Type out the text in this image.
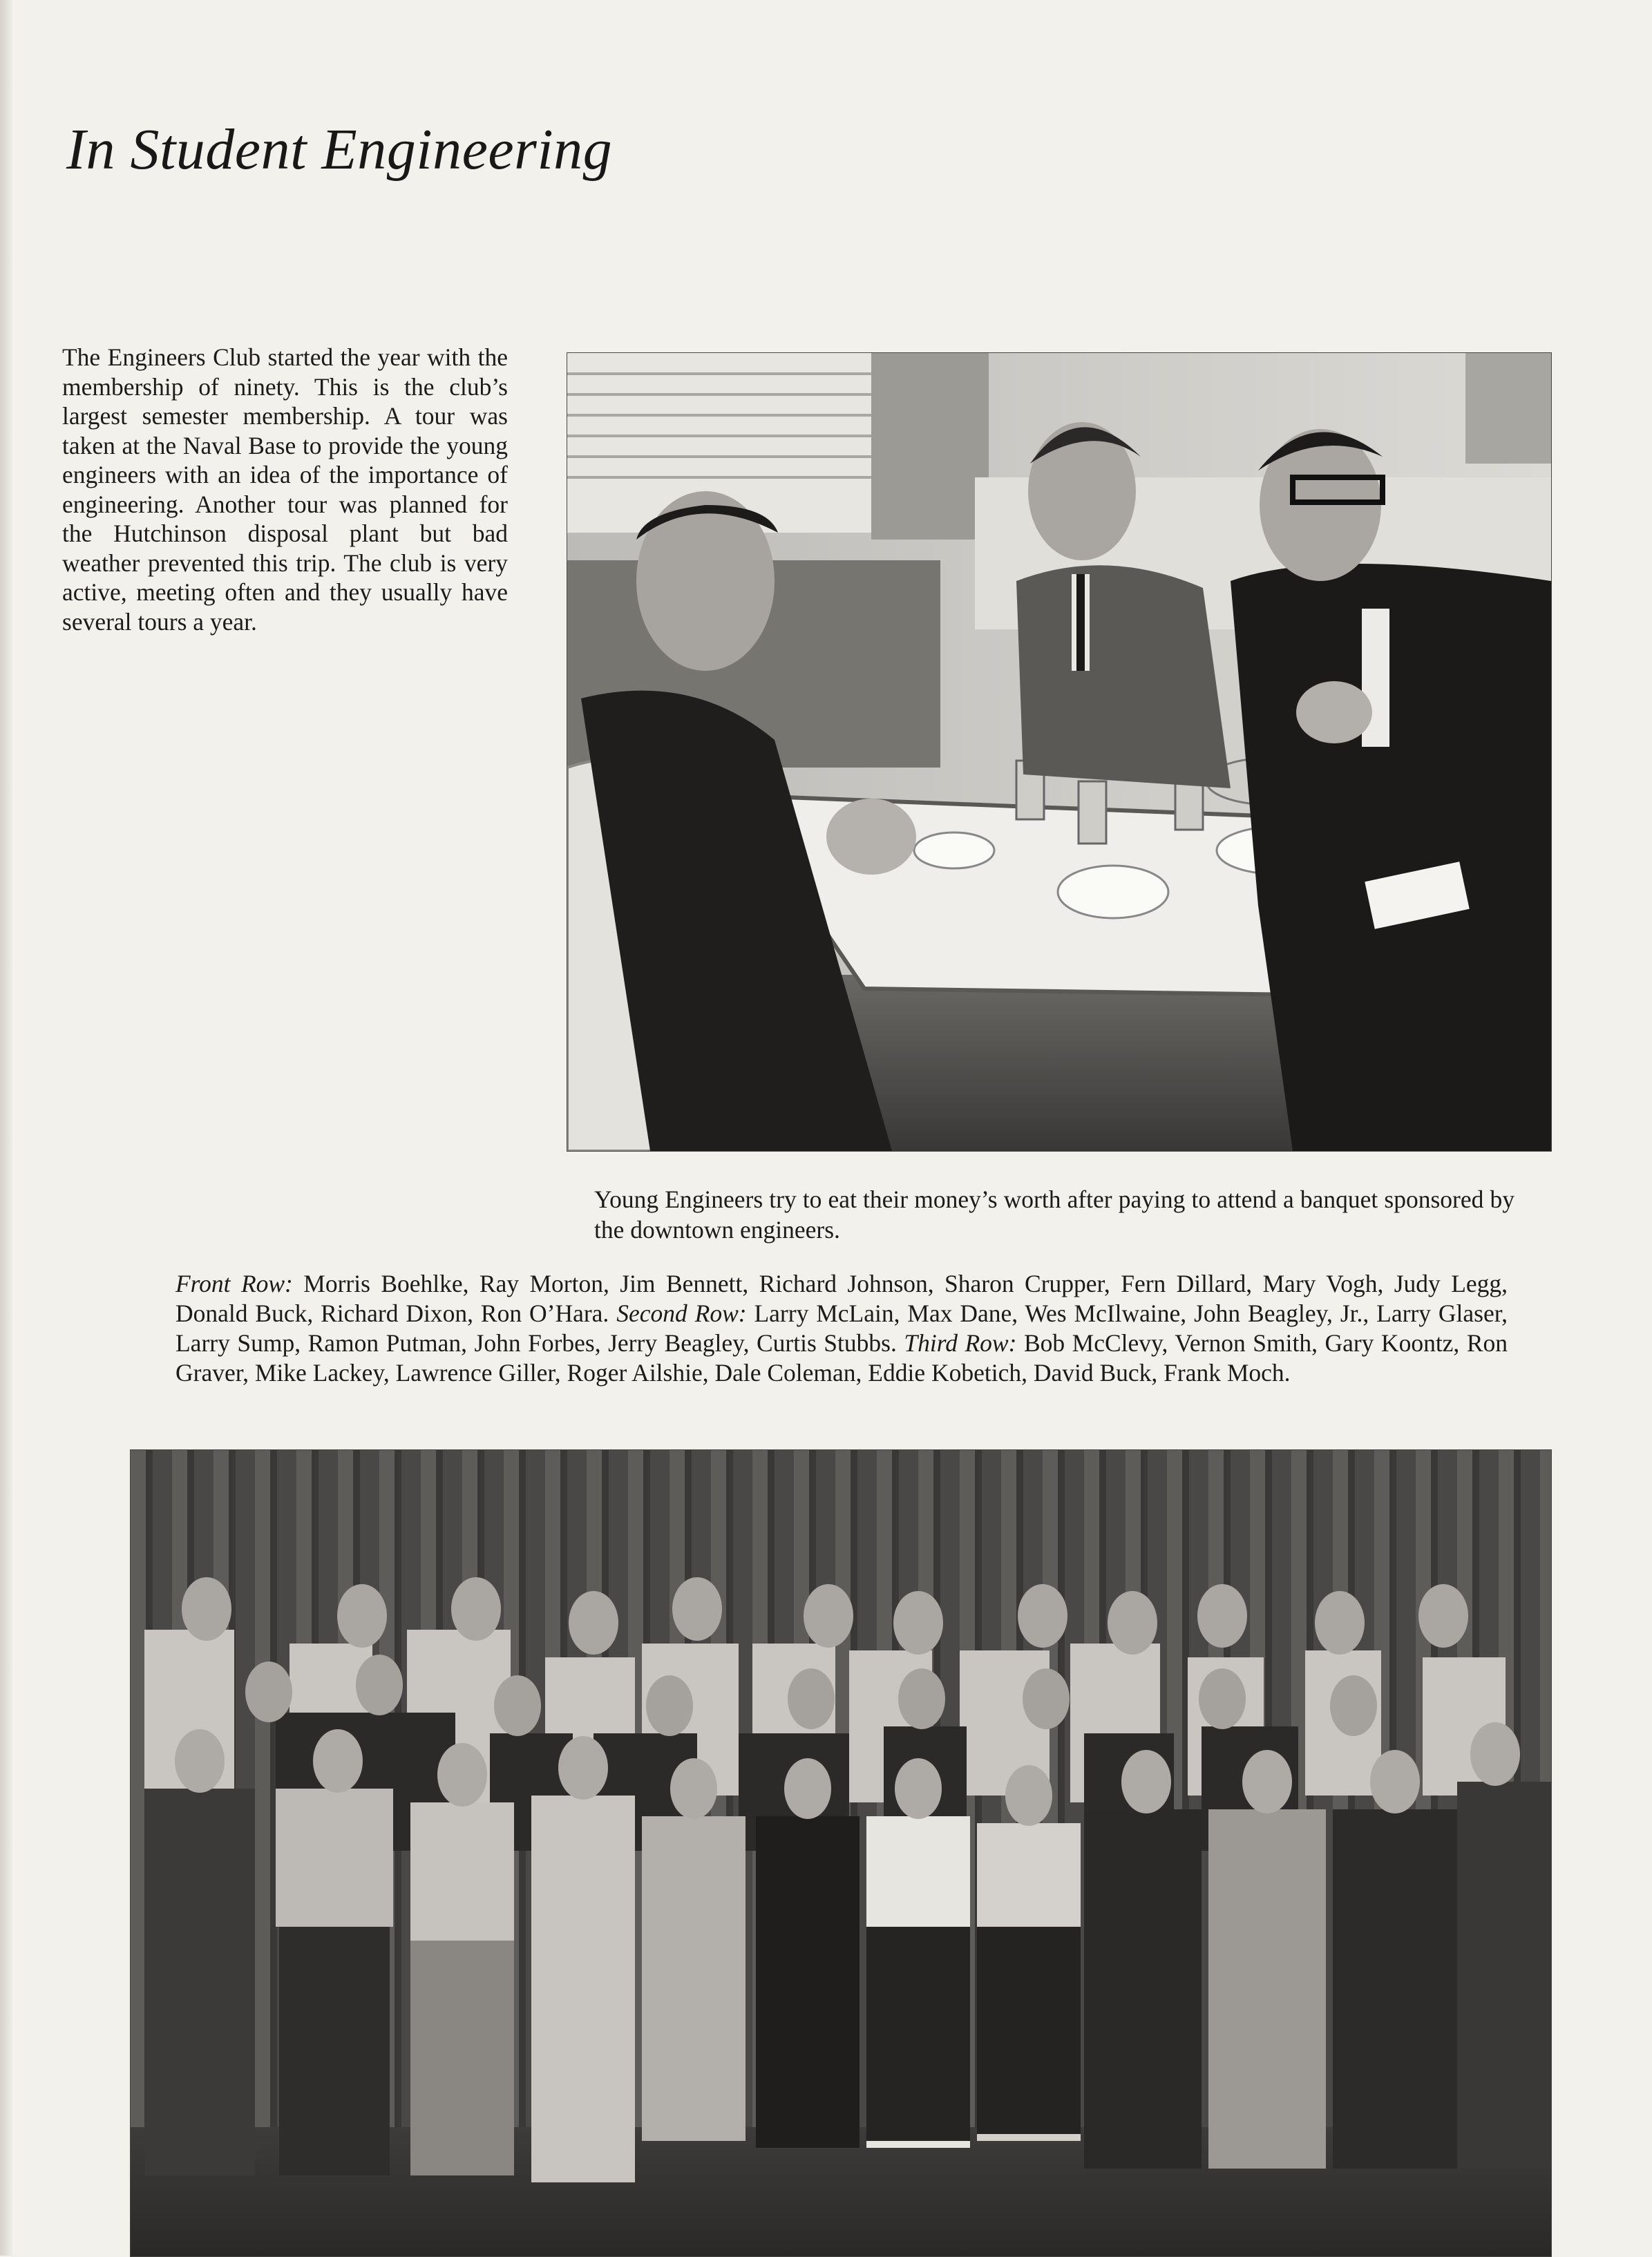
In Student Engineering

The Engineers Club started the year with the membership of ninety. This is the club’s largest semester membership. A tour was taken at the Naval Base to provide the young engineers with an idea of the importance of engineering. Another tour was planned for the Hutchinson disposal plant but bad weather prevented this trip. The club is very active, meeting often and they usually have several tours a year.

Young Engineers try to eat their money’s worth after paying to attend a banquet sponsored by the downtown engineers.

Front Row: Morris Boehlke, Ray Morton, Jim Bennett, Richard Johnson, Sharon Crupper, Fern Dillard, Mary Vogh, Judy Legg, Donald Buck, Richard Dixon, Ron O’Hara. Second Row: Larry McLain, Max Dane, Wes McIlwaine, John Beagley, Jr., Larry Glaser, Larry Sump, Ramon Putman, John Forbes, Jerry Beagley, Curtis Stubbs. Third Row: Bob McClevy, Vernon Smith, Gary Koontz, Ron Graver, Mike Lackey, Lawrence Giller, Roger Ailshie, Dale Coleman, Eddie Kobetich, David Buck, Frank Moch.
